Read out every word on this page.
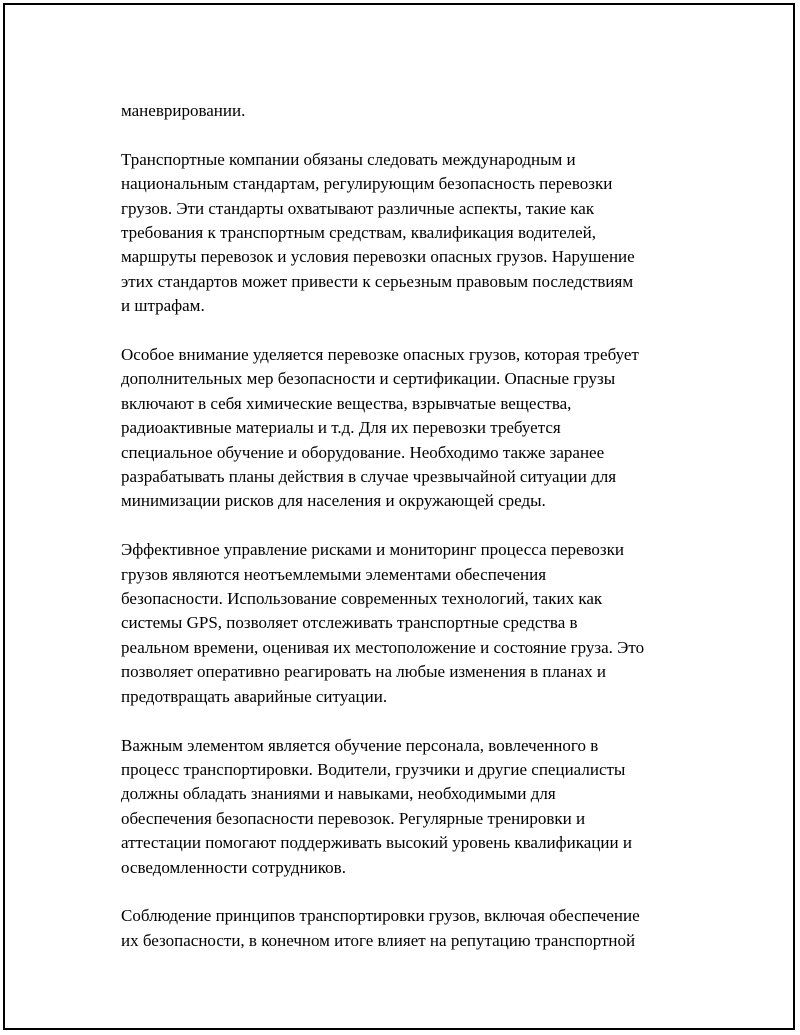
маневрировании.

Транспортные компании обязаны следовать международным и
национальным стандартам, регулирующим безопасность перевозки
грузов. Эти стандарты охватывают различные аспекты, такие как
требования к транспортным средствам, квалификация водителей,
маршруты перевозок и условия перевозки опасных грузов. Нарушение
этих стандартов может привести к серьезным правовым последствиям
и штрафам.

Особое внимание уделяется перевозке опасных грузов, которая требует
дополнительных мер безопасности и сертификации. Опасные грузы
включают в себя химические вещества, взрывчатые вещества,
радиоактивные материалы и т.д. Для их перевозки требуется
специальное обучение и оборудование. Необходимо также заранее
разрабатывать планы действия в случае чрезвычайной ситуации для
минимизации рисков для населения и окружающей среды.

Эффективное управление рисками и мониторинг процесса перевозки
грузов являются неотъемлемыми элементами обеспечения
безопасности. Использование современных технологий, таких как
системы GPS, позволяет отслеживать транспортные средства в
реальном времени, оценивая их местоположение и состояние груза. Это
позволяет оперативно реагировать на любые изменения в планах и
предотвращать аварийные ситуации.

Важным элементом является обучение персонала, вовлеченного в
процесс транспортировки. Водители, грузчики и другие специалисты
должны обладать знаниями и навыками, необходимыми для
обеспечения безопасности перевозок. Регулярные тренировки и
аттестации помогают поддерживать высокий уровень квалификации и
осведомленности сотрудников.

Соблюдение принципов транспортировки грузов, включая обеспечение
их безопасности, в конечном итоге влияет на репутацию транспортной
